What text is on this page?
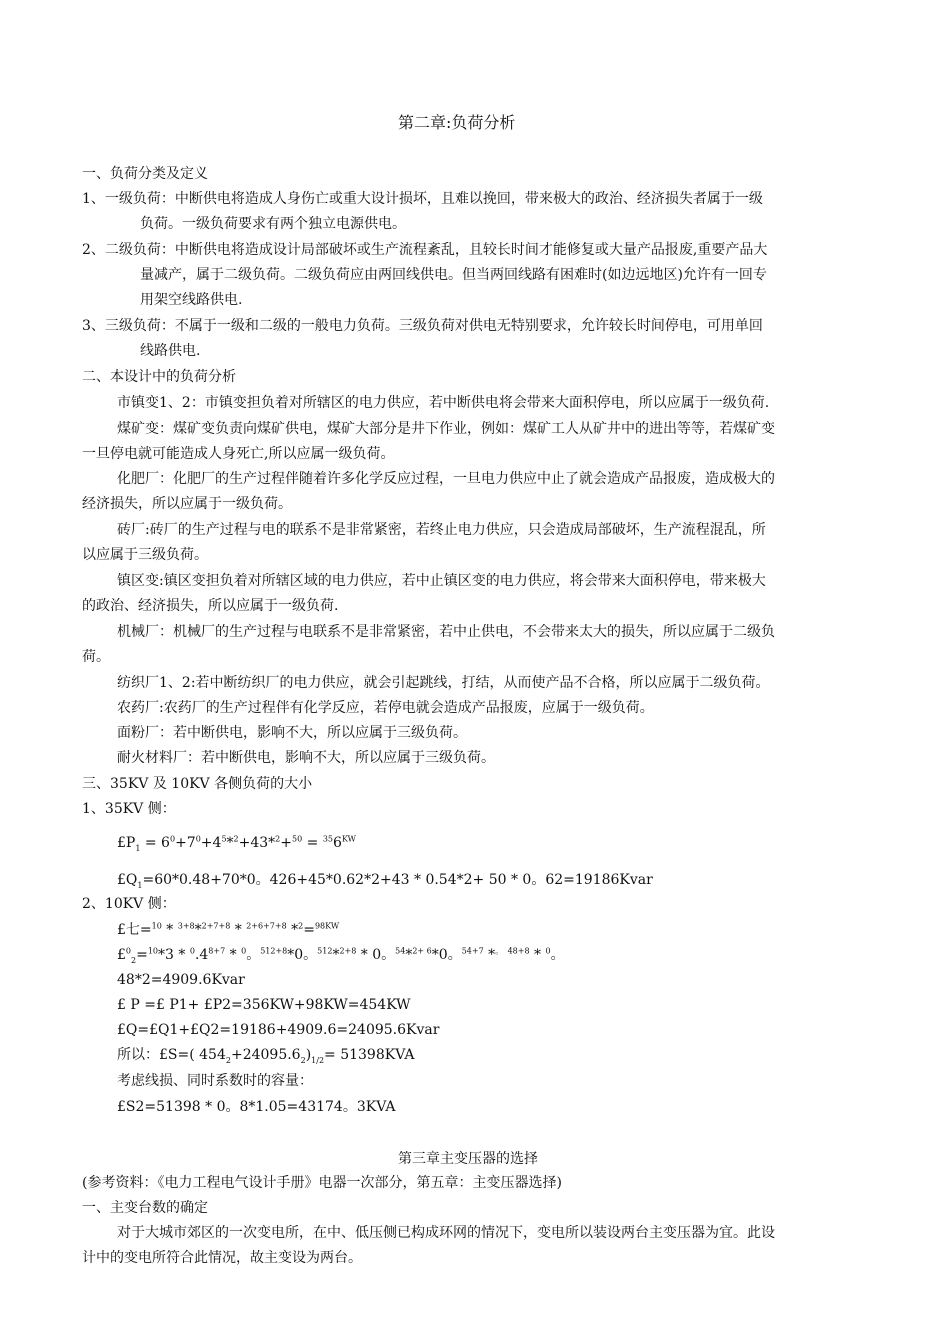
第二章:负荷分析
一、负荷分类及定义
1、一级负荷：中断供电将造成人身伤亡或重大设计损坏，且难以挽回，带来极大的政治、经济损失者属于一级
负荷。一级负荷要求有两个独立电源供电。
2、二级负荷：中断供电将造成设计局部破坏或生产流程紊乱，且较长时间才能修复或大量产品报废,重要产品大
量减产，属于二级负荷。二级负荷应由两回线供电。但当两回线路有困难时(如边远地区)允许有一回专
用架空线路供电.
3、三级负荷：不属于一级和二级的一般电力负荷。三级负荷对供电无特别要求，允许较长时间停电，可用单回
线路供电.
二、本设计中的负荷分析
市镇变1、2：市镇变担负着对所辖区的电力供应，若中断供电将会带来大面积停电，所以应属于一级负荷.
煤矿变：煤矿变负责向煤矿供电，煤矿大部分是井下作业，例如：煤矿工人从矿井中的进出等等，若煤矿变
一旦停电就可能造成人身死亡,所以应属一级负荷。
化肥厂：化肥厂的生产过程伴随着许多化学反应过程，一旦电力供应中止了就会造成产品报废，造成极大的
经济损失，所以应属于一级负荷。
砖厂:砖厂的生产过程与电的联系不是非常紧密，若终止电力供应，只会造成局部破坏，生产流程混乱，所
以应属于三级负荷。
镇区变:镇区变担负着对所辖区域的电力供应，若中止镇区变的电力供应，将会带来大面积停电，带来极大
的政治、经济损失，所以应属于一级负荷.
机械厂：机械厂的生产过程与电联系不是非常紧密，若中止供电，不会带来太大的损失，所以应属于二级负
荷。
纺织厂1、2:若中断纺织厂的电力供应，就会引起跳线，打结，从而使产品不合格，所以应属于二级负荷。
农药厂:农药厂的生产过程伴有化学反应，若停电就会造成产品报废，应属于一级负荷。
面粉厂：若中断供电，影响不大，所以应属于三级负荷。
耐火材料厂：若中断供电，影响不大，所以应属于三级负荷。
三、35KV 及 10KV 各侧负荷的大小
1、35KV 侧：
$£P_1 = 6^0+7^0+4^5*^2+43*^2+^{50} = ^{35}6^{KW}$
$£Q_1=60*0.48+70*0$。426+45*0.62*2+43 * 0.54*2+ 50 * 0。62=19186Kvar
2、10KV 侧：
£七=$^{10}$ * $^{3+8}$*$^{2+7+8}$ * $^{2+6+7+8}$ *$^2$=$^{98KW}$
£$^0_2$=$^{10}$*3 * $^0.4^{8+7} * ^0$。$^{512+8}$*0。$^{512}$*$^{2+8}$ * 0。$^{54}$*$^{2+ 6}$*0。$^{54+7}$ *。 $^{48+8}$ * $^0$。
48*2=4909.6Kvar
£ P =£ P1+ £P2=356KW+98KW=454KW
£Q=£Q1+£Q2=19186+4909.6=24095.6Kvar
所以：£S=( $454_2+24095.6_2)_{1/2}= 51398KVA$
考虑线损、同时系数时的容量：
£S2=51398 * 0。8*1.05=43174。3KVA
第三章主变压器的选择
(参考资料：《电力工程电气设计手册》电器一次部分，第五章：主变压器选择)
一、主变台数的确定
对于大城市郊区的一次变电所，在中、低压侧已构成环网的情况下，变电所以装设两台主变压器为宜。此设
计中的变电所符合此情况，故主变设为两台。
